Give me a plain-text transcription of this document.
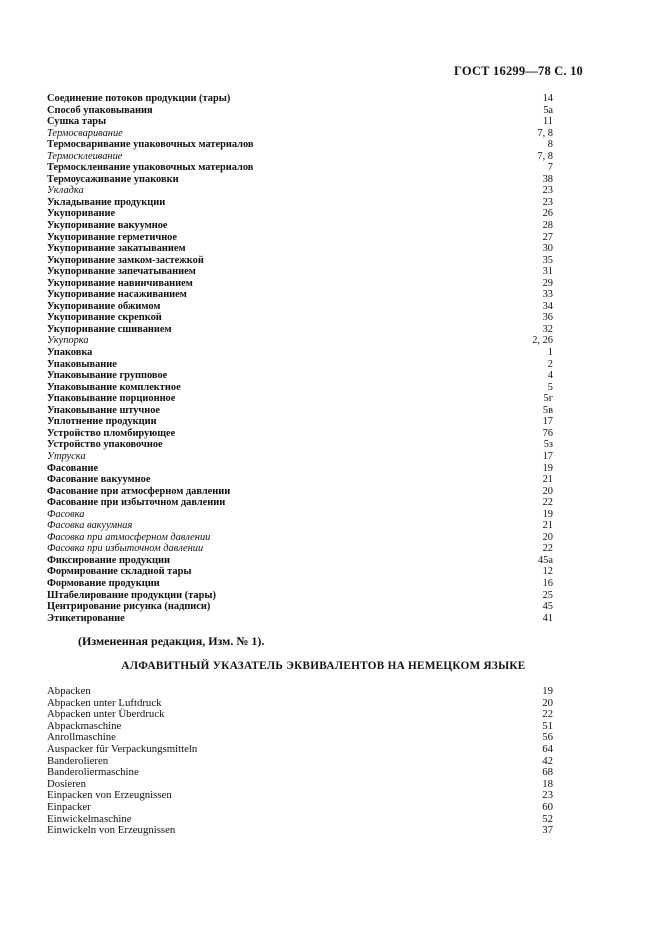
ГОСТ 16299—78 С. 10
Соединение потоков продукции (тары)	14
Способ упаковывания	5а
Сушка тары	11
Термосваривание	7, 8
Термосваривание упаковочных материалов	8
Термосклеивание	7, 8
Термосклеивание упаковочных материалов	7
Термоусаживание упаковки	38
Укладка	23
Укладывание продукции	23
Укупоривание	26
Укупоривание вакуумное	28
Укупоривание герметичное	27
Укупоривание закатыванием	30
Укупоривание замком-застежкой	35
Укупоривание запечатыванием	31
Укупоривание навинчиванием	29
Укупоривание насаживанием	33
Укупоривание обжимом	34
Укупоривание скрепкой	36
Укупоривание сшиванием	32
Укупорка	2, 26
Упаковка	1
Упаковывание	2
Упаковывание групповое	4
Упаковывание комплектное	5
Упаковывание порционное	5г
Упаковывание штучное	5в
Уплотнение продукции	17
Устройство пломбирующее	76
Устройство упаковочное	5з
Утруска	17
Фасование	19
Фасование вакуумное	21
Фасование при атмосферном давлении	20
Фасование при избыточном давлении	22
Фасовка	19
Фасовка вакуумная	21
Фасовка при атмосферном давлении	20
Фасовка при избыточном давлении	22
Фиксирование продукции	45а
Формирование складной тары	12
Формование продукции	16
Штабелирование продукции (тары)	25
Центрирование рисунка (надписи)	45
Этикетирование	41
(Измененная редакция, Изм. № 1).
АЛФАВИТНЫЙ УКАЗАТЕЛЬ ЭКВИВАЛЕНТОВ НА НЕМЕЦКОМ ЯЗЫКЕ
Abpacken	19
Abpacken unter Luftdruck	20
Abpacken unter Überdruck	22
Abpackmaschine	51
Anrollmaschine	56
Auspacker für Verpackungsmitteln	64
Banderolieren	42
Banderoliermaschine	68
Dosieren	18
Einpacken von Erzeugnissen	23
Einpacker	60
Einwickelmaschine	52
Einwickeln von Erzeugnissen	37
